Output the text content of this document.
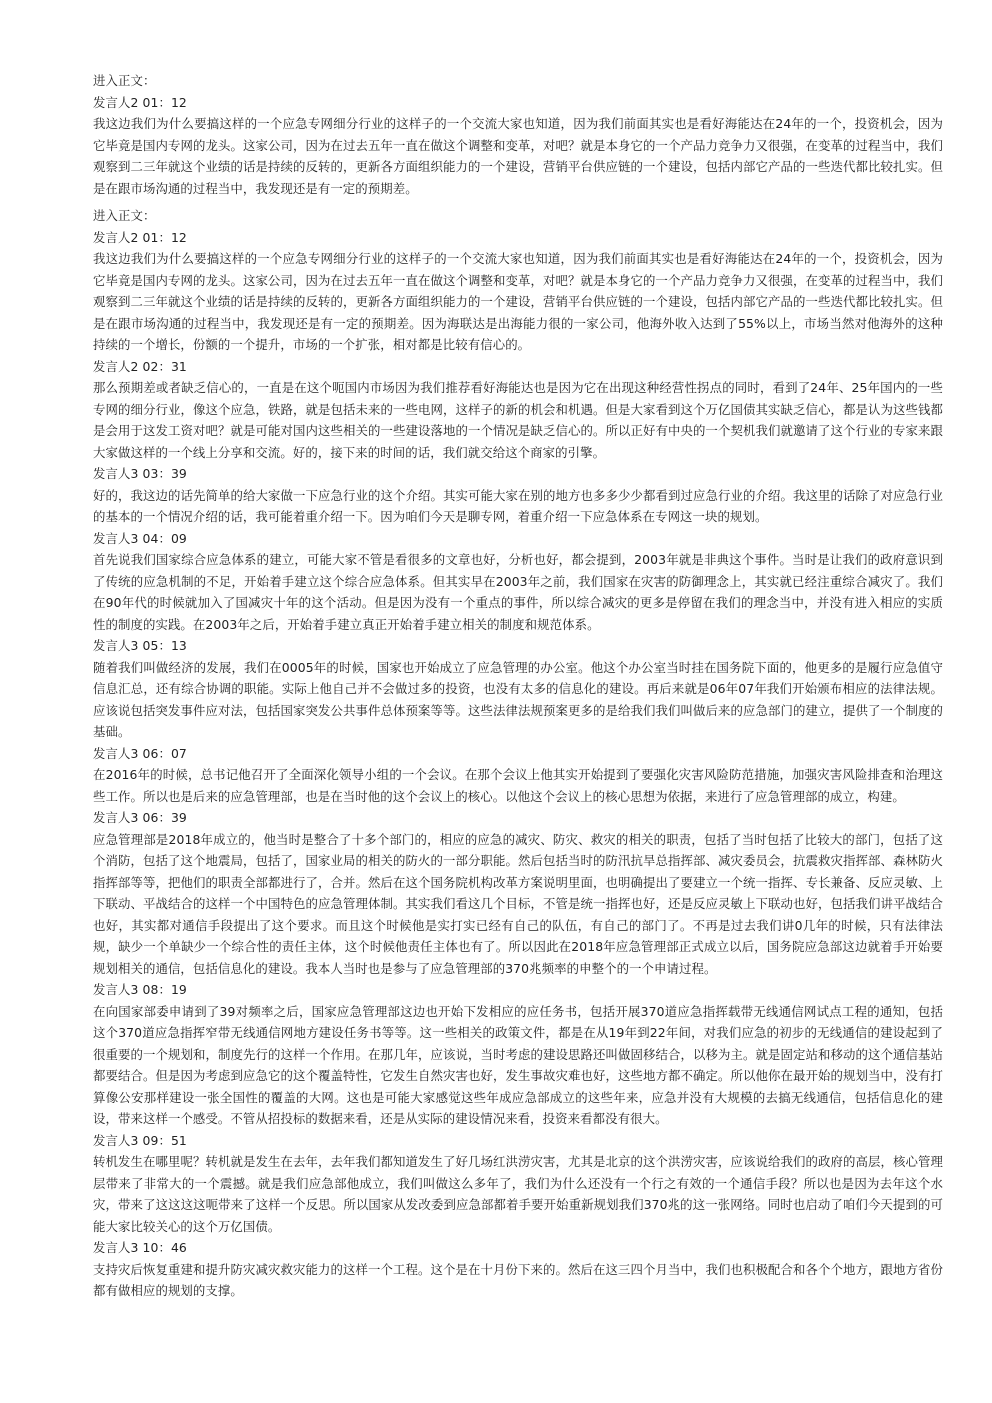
进入正文：
发言人2 01：12
我这边我们为什么要搞这样的一个应急专网细分行业的这样子的一个交流大家也知道，因为我们前面其实也是看好海能达在24年的一个，投资机会，因为它毕竟是国内专网的龙头。这家公司，因为在过去五年一直在做这个调整和变革，对吧？就是本身它的一个产品力竞争力又很强，在变革的过程当中，我们观察到二三年就这个业绩的话是持续的反转的，更新各方面组织能力的一个建设，营销平台供应链的一个建设，包括内部它产品的一些迭代都比较扎实。但是在跟市场沟通的过程当中，我发现还是有一定的预期差。
进入正文：
发言人2 01：12
我这边我们为什么要搞这样的一个应急专网细分行业的这样子的一个交流大家也知道，因为我们前面其实也是看好海能达在24年的一个，投资机会，因为它毕竟是国内专网的龙头。这家公司，因为在过去五年一直在做这个调整和变革，对吧？就是本身它的一个产品力竞争力又很强，在变革的过程当中，我们观察到二三年就这个业绩的话是持续的反转的，更新各方面组织能力的一个建设，营销平台供应链的一个建设，包括内部它产品的一些迭代都比较扎实。但是在跟市场沟通的过程当中，我发现还是有一定的预期差。因为海联达是出海能力很的一家公司，他海外收入达到了55%以上，市场当然对他海外的这种持续的一个增长，份额的一个提升，市场的一个扩张，相对都是比较有信心的。
发言人2 02：31
那么预期差或者缺乏信心的，一直是在这个呃国内市场因为我们推荐看好海能达也是因为它在出现这种经营性拐点的同时，看到了24年、25年国内的一些专网的细分行业，像这个应急，铁路，就是包括未来的一些电网，这样子的新的机会和机遇。但是大家看到这个万亿国债其实缺乏信心，都是认为这些钱都是会用于这发工资对吧？就是可能对国内这些相关的一些建设落地的一个情况是缺乏信心的。所以正好有中央的一个契机我们就邀请了这个行业的专家来跟大家做这样的一个线上分享和交流。好的，接下来的时间的话，我们就交给这个商家的引擎。
发言人3 03：39
好的，我这边的话先简单的给大家做一下应急行业的这个介绍。其实可能大家在别的地方也多多少少都看到过应急行业的介绍。我这里的话除了对应急行业的基本的一个情况介绍的话，我可能着重介绍一下。因为咱们今天是聊专网，着重介绍一下应急体系在专网这一块的规划。
发言人3 04：09
首先说我们国家综合应急体系的建立，可能大家不管是看很多的文章也好，分析也好，都会提到，2003年就是非典这个事件。当时是让我们的政府意识到了传统的应急机制的不足，开始着手建立这个综合应急体系。但其实早在2003年之前，我们国家在灾害的防御理念上，其实就已经注重综合减灾了。我们在90年代的时候就加入了国减灾十年的这个活动。但是因为没有一个重点的事件，所以综合减灾的更多是停留在我们的理念当中，并没有进入相应的实质性的制度的实践。在2003年之后，开始着手建立真正开始着手建立相关的制度和规范体系。
发言人3 05：13
随着我们叫做经济的发展，我们在0005年的时候，国家也开始成立了应急管理的办公室。他这个办公室当时挂在国务院下面的，他更多的是履行应急值守信息汇总，还有综合协调的职能。实际上他自己并不会做过多的投资，也没有太多的信息化的建设。再后来就是06年07年我们开始颁布相应的法律法规。应该说包括突发事件应对法，包括国家突发公共事件总体预案等等。这些法律法规预案更多的是给我们我们叫做后来的应急部门的建立，提供了一个制度的基础。
发言人3 06：07
在2016年的时候，总书记他召开了全面深化领导小组的一个会议。在那个会议上他其实开始提到了要强化灾害风险防范措施，加强灾害风险排查和治理这些工作。所以也是后来的应急管理部，也是在当时他的这个会议上的核心。以他这个会议上的核心思想为依据，来进行了应急管理部的成立，构建。
发言人3 06：39
应急管理部是2018年成立的，他当时是整合了十多个部门的，相应的应急的减灾、防灾、救灾的相关的职责，包括了当时包括了比较大的部门，包括了这个消防，包括了这个地震局，包括了，国家业局的相关的防火的一部分职能。然后包括当时的防汛抗旱总指挥部、减灾委员会，抗震救灾指挥部、森林防火指挥部等等，把他们的职责全部都进行了，合并。然后在这个国务院机构改革方案说明里面，也明确提出了要建立一个统一指挥、专长兼备、反应灵敏、上下联动、平战结合的这样一个中国特色的应急管理体制。其实我们看这几个目标，不管是统一指挥也好，还是反应灵敏上下联动也好，包括我们讲平战结合也好，其实都对通信手段提出了这个要求。而且这个时候他是实打实已经有自己的队伍，有自己的部门了。不再是过去我们讲0几年的时候，只有法律法规，缺少一个单缺少一个综合性的责任主体，这个时候他责任主体也有了。所以因此在2018年应急管理部正式成立以后，国务院应急部这边就着手开始要规划相关的通信，包括信息化的建设。我本人当时也是参与了应急管理部的370兆频率的申整个的一个申请过程。
发言人3 08：19
在向国家部委申请到了39对频率之后，国家应急管理部这边也开始下发相应的应任务书，包括开展370道应急指挥载带无线通信网试点工程的通知，包括这个370道应急指挥窄带无线通信网地方建设任务书等等。这一些相关的政策文件，都是在从19年到22年间，对我们应急的初步的无线通信的建设起到了很重要的一个规划和，制度先行的这样一个作用。在那几年，应该说，当时考虑的建设思路还叫做固移结合，以移为主。就是固定站和移动的这个通信基站都要结合。但是因为考虑到应急它的这个覆盖特性，它发生自然灾害也好，发生事故灾难也好，这些地方都不确定。所以他你在最开始的规划当中，没有打算像公安那样建设一张全国性的覆盖的大网。这也是可能大家感觉这些年成应急部成立的这些年来，应急并没有大规模的去搞无线通信，包括信息化的建设，带来这样一个感受。不管从招投标的数据来看，还是从实际的建设情况来看，投资来看都没有很大。
发言人3 09：51
转机发生在哪里呢？转机就是发生在去年，去年我们都知道发生了好几场红洪涝灾害，尤其是北京的这个洪涝灾害，应该说给我们的政府的高层，核心管理层带来了非常大的一个震撼。就是我们应急部他成立，我们叫做这么多年了，我们为什么还没有一个行之有效的一个通信手段？所以也是因为去年这个水灾，带来了这这这这呃带来了这样一个反思。所以国家从发改委到应急部都着手要开始重新规划我们370兆的这一张网络。同时也启动了咱们今天提到的可能大家比较关心的这个万亿国债。
发言人3 10：46
支持灾后恢复重建和提升防灾减灾救灾能力的这样一个工程。这个是在十月份下来的。然后在这三四个月当中，我们也积极配合和各个个地方，跟地方省份都有做相应的规划的支撑。
